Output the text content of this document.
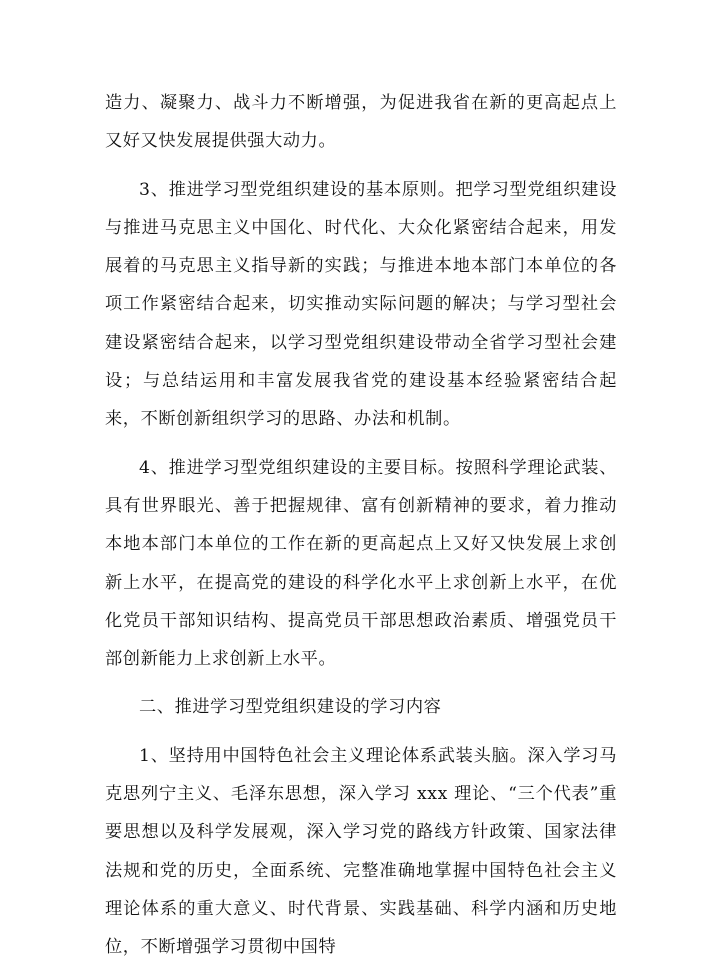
造力、凝聚力、战斗力不断增强，为促进我省在新的更高起点上又好又快发展提供强大动力。

3、推进学习型党组织建设的基本原则。把学习型党组织建设与推进马克思主义中国化、时代化、大众化紧密结合起来，用发展着的马克思主义指导新的实践；与推进本地本部门本单位的各项工作紧密结合起来，切实推动实际问题的解决；与学习型社会建设紧密结合起来，以学习型党组织建设带动全省学习型社会建设；与总结运用和丰富发展我省党的建设基本经验紧密结合起来，不断创新组织学习的思路、办法和机制。

4、推进学习型党组织建设的主要目标。按照科学理论武装、具有世界眼光、善于把握规律、富有创新精神的要求，着力推动本地本部门本单位的工作在新的更高起点上又好又快发展上求创新上水平，在提高党的建设的科学化水平上求创新上水平，在优化党员干部知识结构、提高党员干部思想政治素质、增强党员干部创新能力上求创新上水平。

二、推进学习型党组织建设的学习内容

1、坚持用中国特色社会主义理论体系武装头脑。深入学习马克思列宁主义、毛泽东思想，深入学习 xxx 理论、“三个代表”重要思想以及科学发展观，深入学习党的路线方针政策、国家法律法规和党的历史，全面系统、完整准确地掌握中国特色社会主义理论体系的重大意义、时代背景、实践基础、科学内涵和历史地位，不断增强学习贯彻中国特
